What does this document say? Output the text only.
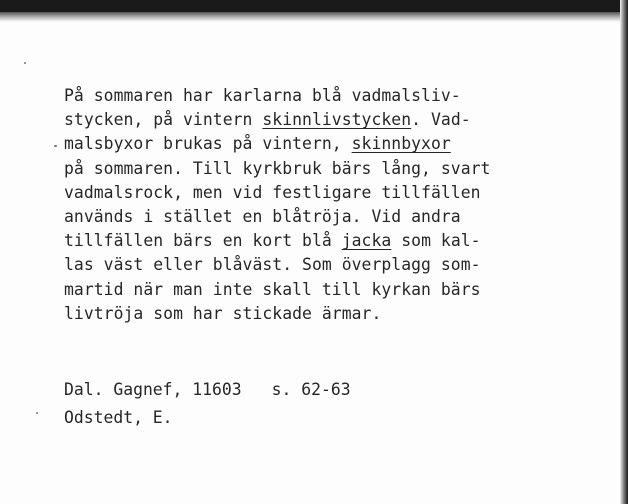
På sommaren har karlarna blå vadmalsliv-
stycken, på vintern skinnlivstycken. Vad-
malsbyxor brukas på vintern, skinnbyxor
på sommaren. Till kyrkbruk bärs lång, svart
vadmalsrock, men vid festligare tillfällen
används i stället en blåtröja. Vid andra
tillfällen bärs en kort blå jacka som kal-
las väst eller blåväst. Som överplagg som-
martid när man inte skall till kyrkan bärs
livtröja som har stickade ärmar.
Dal. Gagnef, 11603 s. 62-63
Odstedt, E.
